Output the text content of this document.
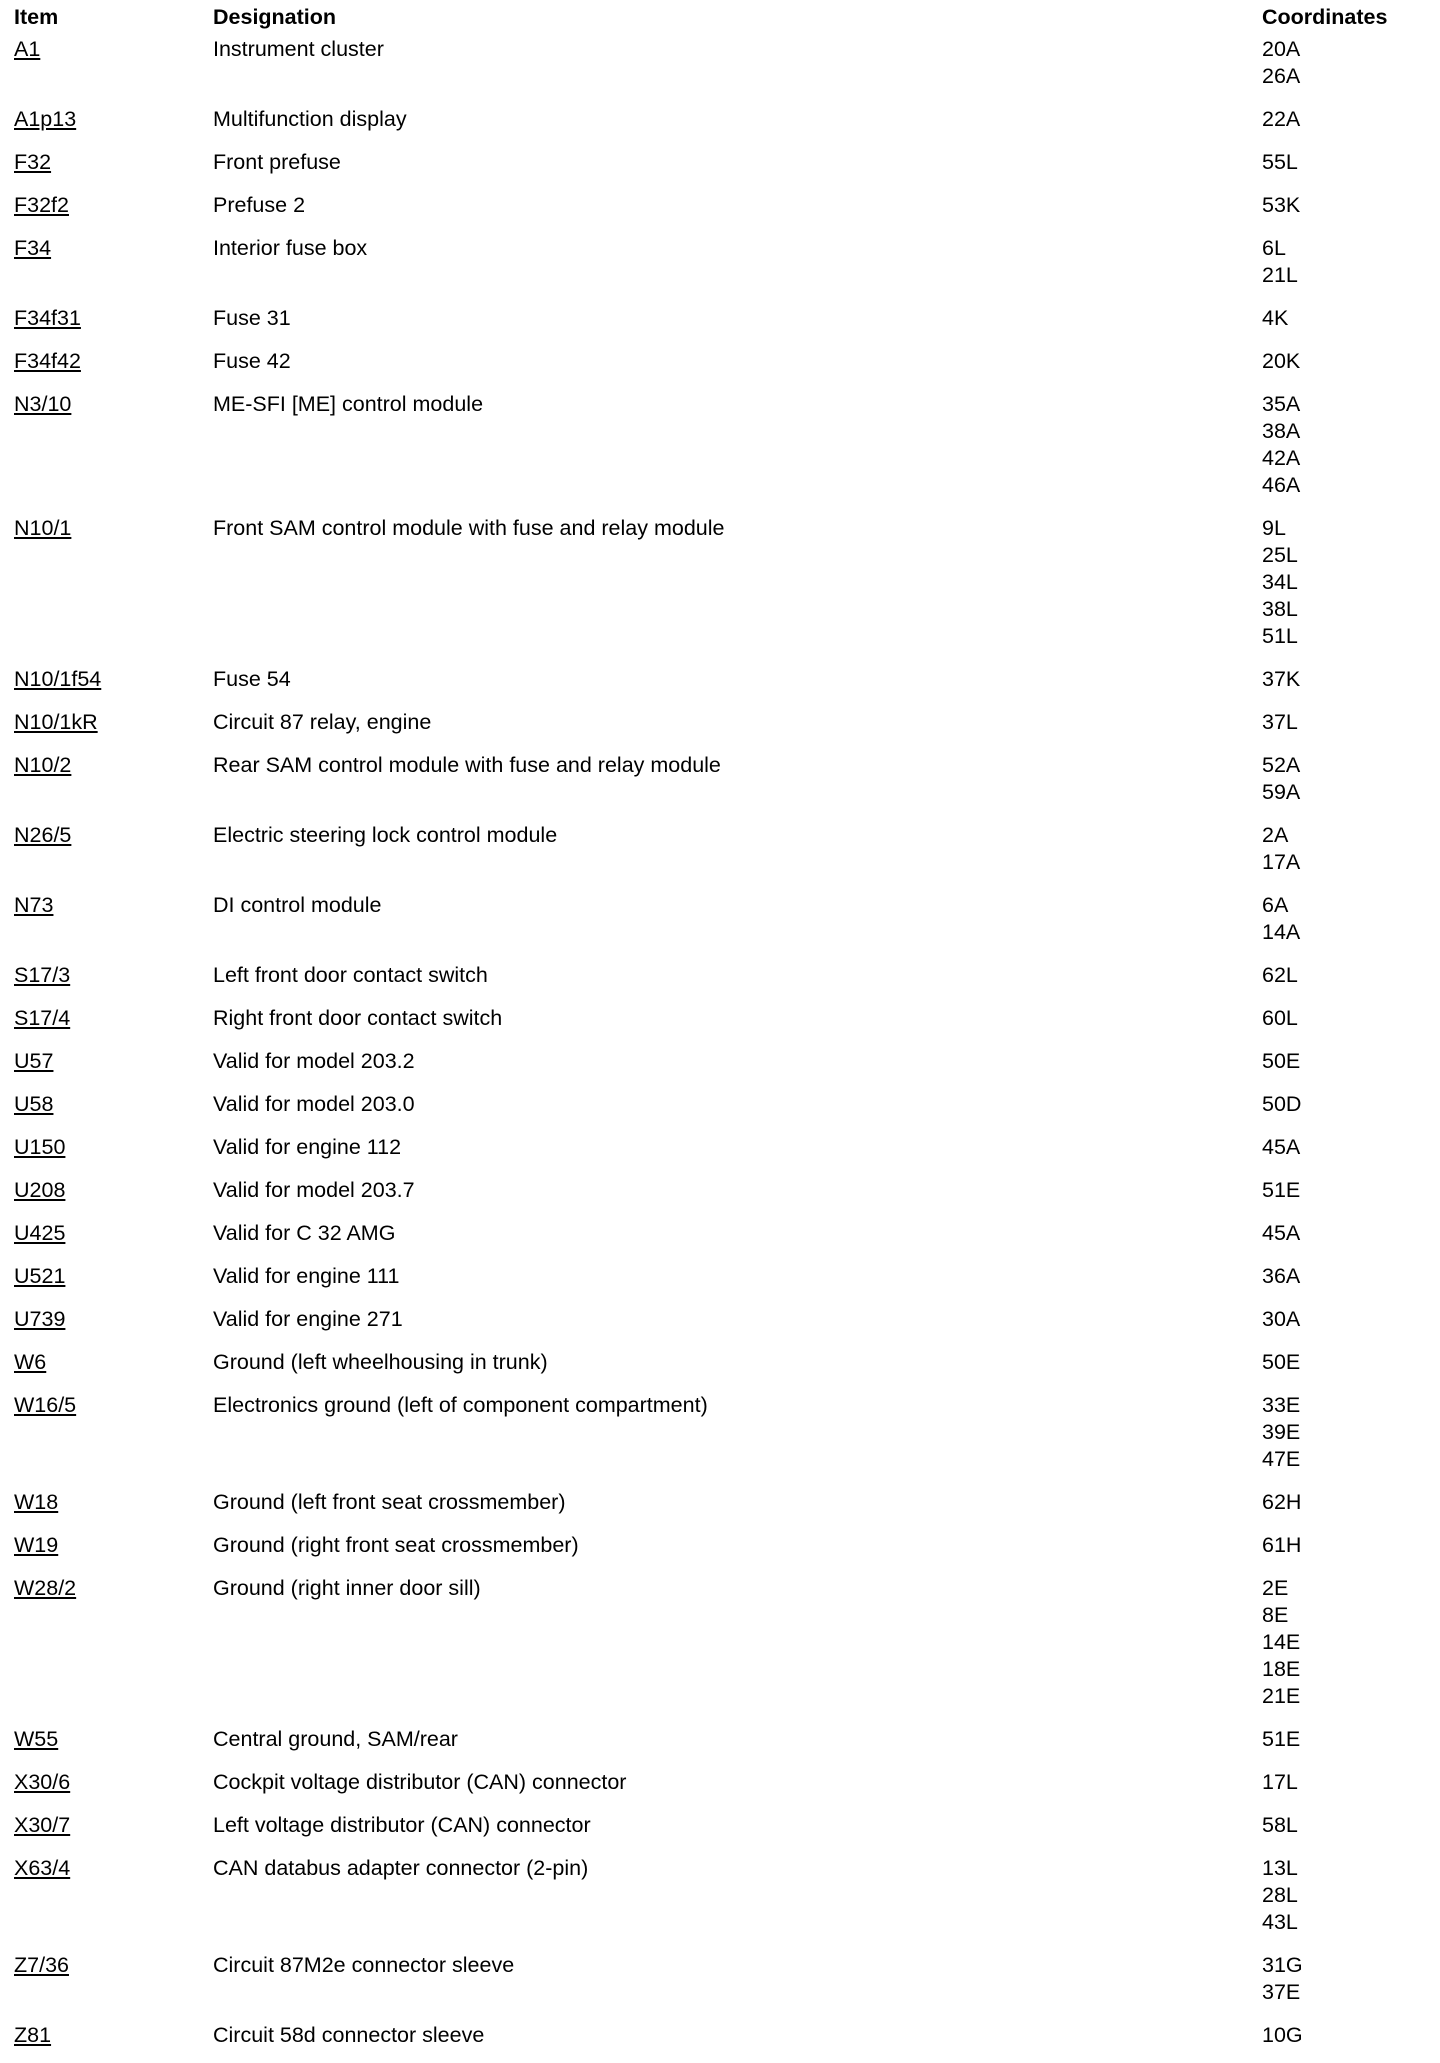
Item	Designation	Coordinates
A1	Instrument cluster	20A
26A

A1p13	Multifunction display	22A

F32	Front prefuse	55L

F32f2	Prefuse 2	53K

F34	Interior fuse box	6L
21L

F34f31	Fuse 31	4K

F34f42	Fuse 42	20K

N3/10	ME-SFI [ME] control module	35A
38A
42A
46A

N10/1	Front SAM control module with fuse and relay module	9L
25L
34L
38L
51L

N10/1f54	Fuse 54	37K

N10/1kR	Circuit 87 relay, engine	37L

N10/2	Rear SAM control module with fuse and relay module	52A
59A

N26/5	Electric steering lock control module	2A
17A

N73	DI control module	6A
14A

S17/3	Left front door contact switch	62L

S17/4	Right front door contact switch	60L

U57	Valid for model 203.2	50E

U58	Valid for model 203.0	50D

U150	Valid for engine 112	45A

U208	Valid for model 203.7	51E

U425	Valid for C 32 AMG	45A

U521	Valid for engine 111	36A

U739	Valid for engine 271	30A

W6	Ground (left wheelhousing in trunk)	50E

W16/5	Electronics ground (left of component compartment)	33E
39E
47E

W18	Ground (left front seat crossmember)	62H

W19	Ground (right front seat crossmember)	61H

W28/2	Ground (right inner door sill)	2E
8E
14E
18E
21E

W55	Central ground, SAM/rear	51E

X30/6	Cockpit voltage distributor (CAN) connector	17L

X30/7	Left voltage distributor (CAN) connector	58L

X63/4	CAN databus adapter connector (2-pin)	13L
28L
43L

Z7/36	Circuit 87M2e connector sleeve	31G
37E

Z81	Circuit 58d connector sleeve	10G
